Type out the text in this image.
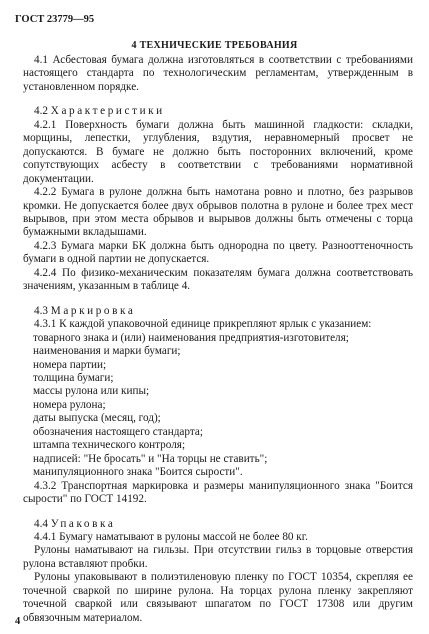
ГОСТ 23779—95
4 ТЕХНИЧЕСКИЕ ТРЕБОВАНИЯ

4.1 Асбестовая бумага должна изготовляться в соответствии с требованиями настоящего стандарта по технологическим регламентам, утвержденным в установленном порядке.

4.2 Характеристики

4.2.1 Поверхность бумаги должна быть машинной гладкости: складки, морщины, лепестки, углубления, вздутия, неравномерный просвет не допускаются. В бумаге не должно быть посторонних включений, кроме сопутствующих асбесту в соответствии с требованиями нормативной документации.

4.2.2 Бумага в рулоне должна быть намотана ровно и плотно, без разрывов кромки. Не допускается более двух обрывов полотна в рулоне и более трех мест вырывов, при этом места обрывов и вырывов должны быть отмечены с торца бумажными вкладышами.

4.2.3 Бумага марки БК должна быть однородна по цвету. Разнооттеночность бумаги в одной партии не допускается.

4.2.4 По физико-механическим показателям бумага должна соответствовать значениям, указанным в таблице 4.

4.3 Маркировка

4.3.1 К каждой упаковочной единице прикрепляют ярлык с указанием:

товарного знака и (или) наименования предприятия-изготовителя;
наименования и марки бумаги;
номера партии;
толщина бумаги;
массы рулона или кипы;
номера рулона;
даты выпуска (месяц, год);
обозначения настоящего стандарта;
штампа технического контроля;
надписей: "Не бросать" и "На торцы не ставить";
манипуляционного знака "Боится сырости".

4.3.2 Транспортная маркировка и размеры манипуляционного знака "Боится сырости" по ГОСТ 14192.

4.4 Упаковка

4.4.1 Бумагу наматывают в рулоны массой не более 80 кг.

Рулоны наматывают на гильзы. При отсутствии гильз в торцовые отверстия рулона вставляют пробки.

Рулоны упаковывают в полиэтиленовую пленку по ГОСТ 10354, скрепляя ее точечной сваркой по ширине рулона. На торцах рулона пленку закрепляют точечной сваркой или связывают шпагатом по ГОСТ 17308 или другим обвязочным материалом.

4
